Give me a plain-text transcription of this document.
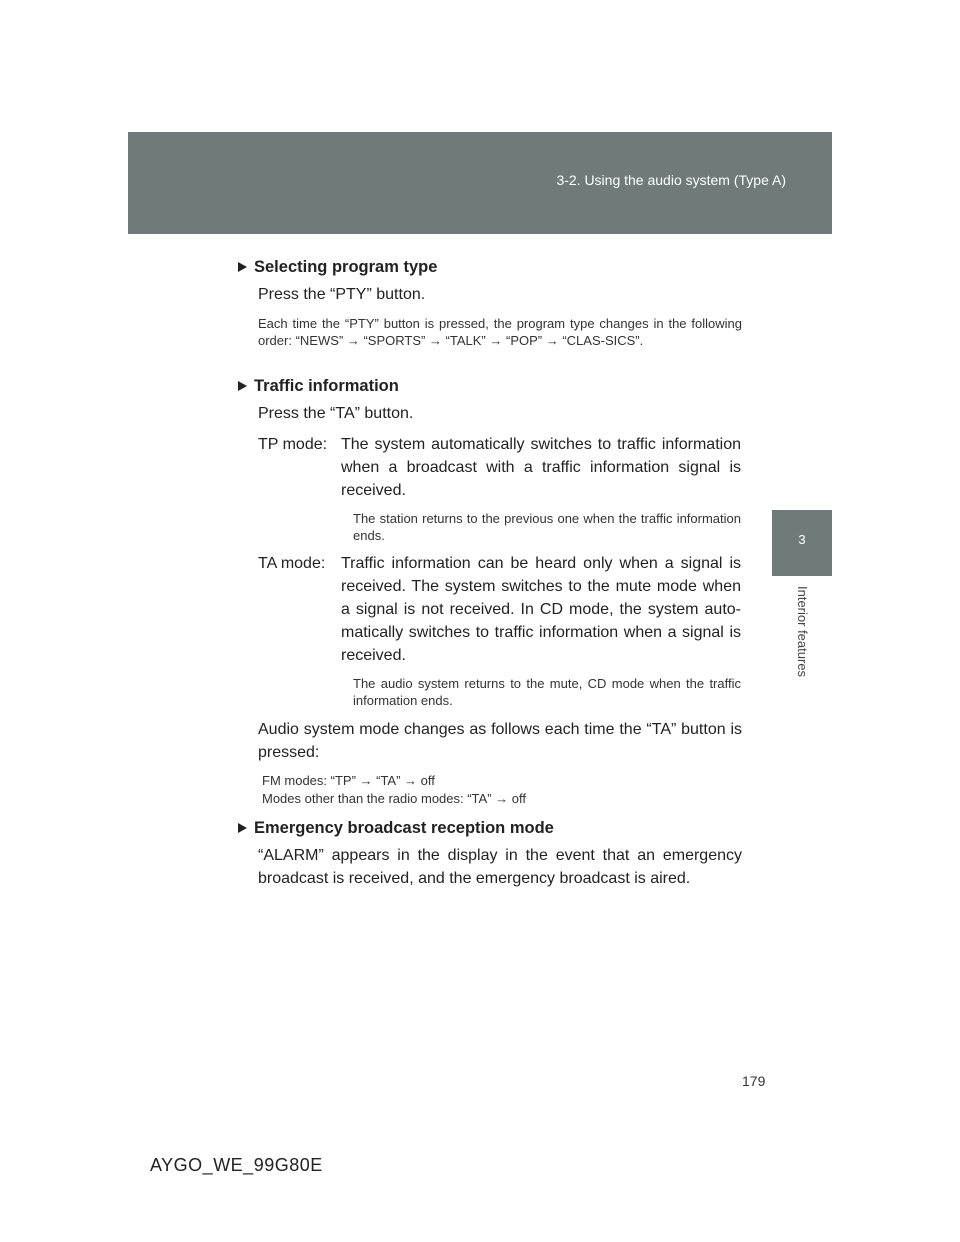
3-2. Using the audio system (Type A)
3
Interior features
Selecting program type
Press the “PTY” button.
Each time the “PTY” button is pressed, the program type changes in the following order: “NEWS” → “SPORTS” → “TALK” → “POP” → “CLAS-SICS”.
Traffic information
Press the “TA” button.
TP mode: The system automatically switches to traffic information when a broadcast with a traffic information signal is received.
The station returns to the previous one when the traffic information ends.
TA mode: Traffic information can be heard only when a signal is received. The system switches to the mute mode when a signal is not received. In CD mode, the system auto-matically switches to traffic information when a signal is received.
The audio system returns to the mute, CD mode when the traffic information ends.
Audio system mode changes as follows each time the “TA” button is pressed:
FM modes: “TP” → “TA” → off
Modes other than the radio modes: “TA” → off
Emergency broadcast reception mode
“ALARM” appears in the display in the event that an emergency broadcast is received, and the emergency broadcast is aired.
179
AYGO_WE_99G80E
